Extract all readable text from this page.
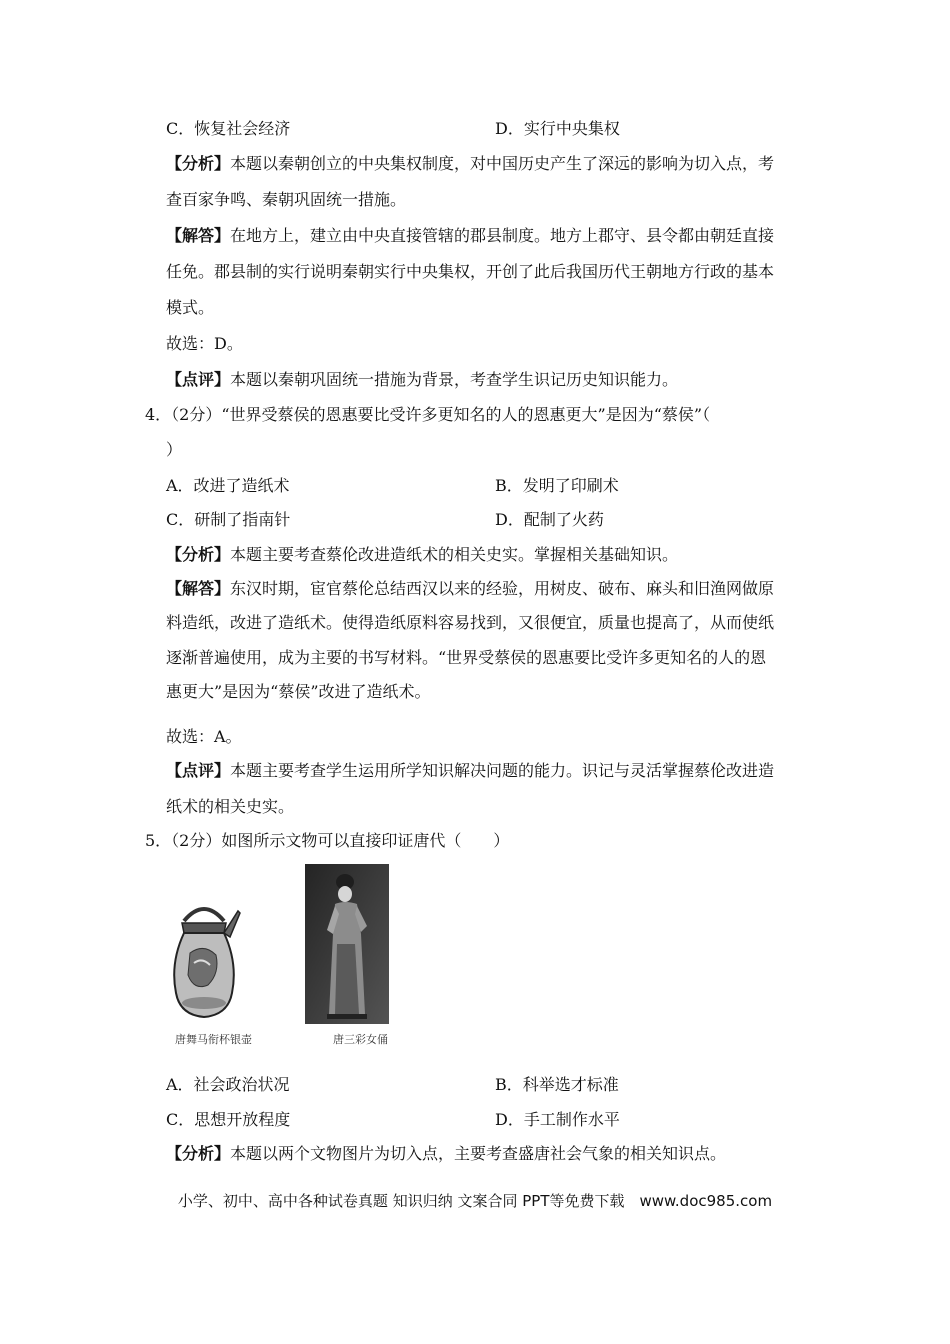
C．恢复社会经济	D．实行中央集权
【分析】本题以秦朝创立的中央集权制度，对中国历史产生了深远的影响为切入点，考
查百家争鸣、秦朝巩固统一措施。
【解答】在地方上，建立由中央直接管辖的郡县制度。地方上郡守、县令都由朝廷直接
任免。郡县制的实行说明秦朝实行中央集权，开创了此后我国历代王朝地方行政的基本
模式。
故选：D。
【点评】本题以秦朝巩固统一措施为背景，考查学生识记历史知识能力。
4．（2分）“世界受蔡侯的恩惠要比受许多更知名的人的恩惠更大”是因为“蔡侯”（
）
A．改进了造纸术	B．发明了印刷术
C．研制了指南针	D．配制了火药
【分析】本题主要考查蔡伦改进造纸术的相关史实。掌握相关基础知识。
【解答】东汉时期，宦官蔡伦总结西汉以来的经验，用树皮、破布、麻头和旧渔网做原
料造纸，改进了造纸术。使得造纸原料容易找到，又很便宜，质量也提高了，从而使纸
逐渐普遍使用，成为主要的书写材料。“世界受蔡侯的恩惠要比受许多更知名的人的恩
惠更大”是因为“蔡侯”改进了造纸术。
故选：A。
【点评】本题主要考查学生运用所学知识解决问题的能力。识记与灵活掌握蔡伦改进造
纸术的相关史实。
5．（2分）如图所示文物可以直接印证唐代（　　）
唐舞马衔杯银壶	唐三彩女俑
A．社会政治状况	B．科举选才标准
C．思想开放程度	D．手工制作水平
【分析】本题以两个文物图片为切入点，主要考查盛唐社会气象的相关知识点。
小学、初中、高中各种试卷真题 知识归纳 文案合同 PPT等免费下载　www.doc985.com
